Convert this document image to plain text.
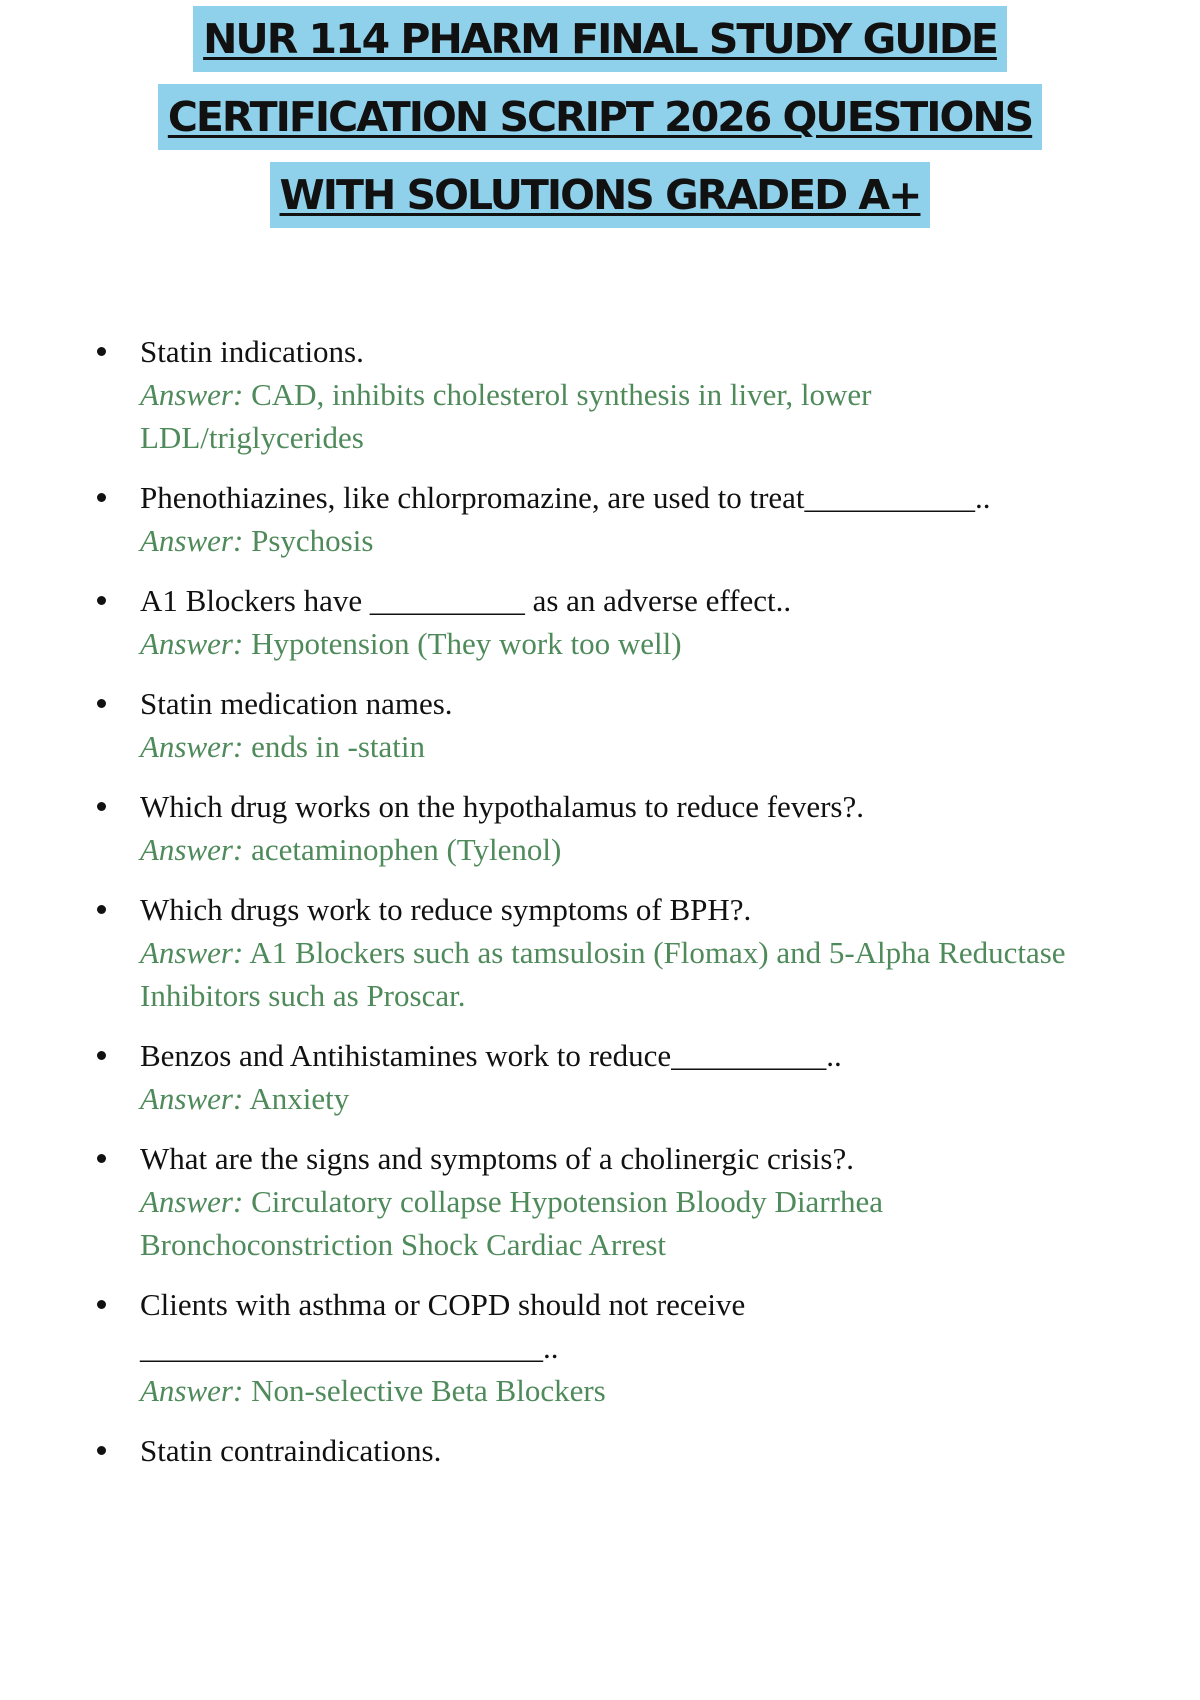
NUR 114 PHARM FINAL STUDY GUIDE
CERTIFICATION SCRIPT 2026 QUESTIONS
WITH SOLUTIONS GRADED A+
Statin indications.
Answer: CAD, inhibits cholesterol synthesis in liver, lower
LDL/triglycerides
Phenothiazines, like chlorpromazine, are used to treat___________..
Answer: Psychosis
A1 Blockers have __________ as an adverse effect..
Answer: Hypotension (They work too well)
Statin medication names.
Answer: ends in -statin
Which drug works on the hypothalamus to reduce fevers?.
Answer: acetaminophen (Tylenol)
Which drugs work to reduce symptoms of BPH?.
Answer: A1 Blockers such as tamsulosin (Flomax) and 5-Alpha Reductase
Inhibitors such as Proscar.
Benzos and Antihistamines work to reduce__________..
Answer: Anxiety
What are the signs and symptoms of a cholinergic crisis?.
Answer: Circulatory collapse Hypotension Bloody Diarrhea
Bronchoconstriction Shock Cardiac Arrest
Clients with asthma or COPD should not receive
__________________________..
Answer: Non-selective Beta Blockers
Statin contraindications.
